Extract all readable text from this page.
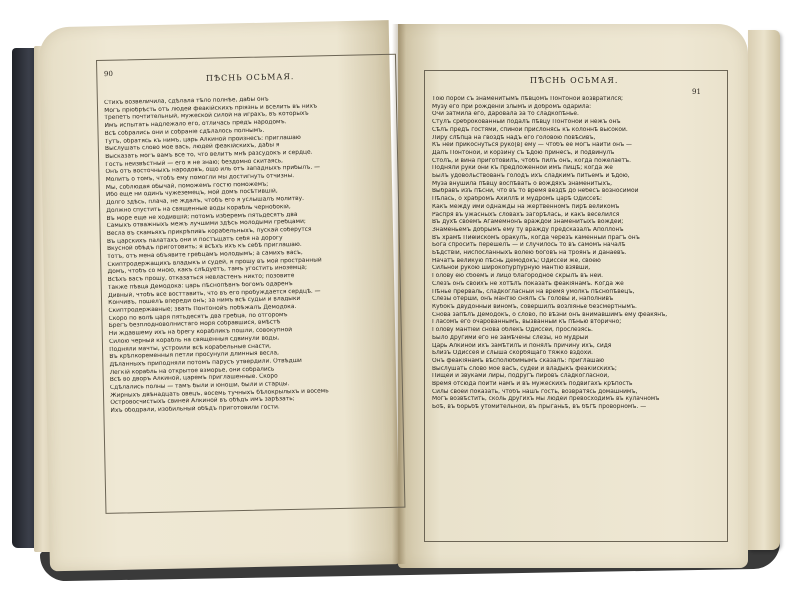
90	ПѢСНЬ ОСЬМАЯ.	ПѢСНЬ ОСЬМАЯ.
91
Стихъ возвеличила, сдѣлала тѣло полнѣе, дабы онъ
Могъ пріобрѣсть отъ людей феакійскихъ пріязнь и вселить въ нихъ
Трепетъ почтительный, мужеской силой на играхъ, въ которыхъ
Имъ испытать надлежало его, отличась предъ народомъ.
Всѣ собрались они и собраніе сдѣлалось полнымъ.
Тутъ, обратясь къ нимъ, царь Алкиной произнесъ: приглашаю
Выслушать слово мое вась, людей феакійскихъ, дабы я
Высказать могъ вамъ все то, что велитъ мнѣ разсудокъ и сердце.
Гость неизвѣстный — его я не знаю; бездомно скитаясь,
Онъ отъ восточныхъ народовъ, ощо иль отъ западныхъ прибылъ. —
Молитъ о томъ, чтобъ ему помогли мы достигнуть отчизны.
Мы, соблюдая обычай, поможемъ гостю поможемъ;
Ибо еще ни одинъ чужеземецъ, мой домъ посѣтившій,
Долго здѣсь, плача, не ждалъ, чтобъ его я услышалъ молитву.
Должно спустить на священные воды корабль чернобокій,
Въ море еще не ходившій; потомъ изберемъ пятьдесятъ два
Самыхъ отважныхъ межъ лучшими здѣсь молодыми гребцами;
Весла въ скамьяхъ прикрѣпивъ корабельныхъ, пускай соберутся
Въ царскихъ палатахъ они и постъщатъ себя на дорогу
Вкусной обѣдъ приготовить; я всѣхъ ихъ къ себѣ приглашаю.
Тотъ, отъ мена объявите гребцамъ молодымъ; а самихъ васъ,
Скиптродержащихъ владыкъ и судей, я прошу въ мой пространный
Домъ, чтобъ со мною, какъ слѣдуетъ, тамъ угостить иноземца;
Всѣхъ васъ прошу, отказаться невластенъ никто; позовите
Также пѣвца Демодока: царь пѣснопѣвнъ богомъ одаренъ
Дивный, чтобъ все восттавить, что въ его пробуждается сердцѣ. —
Кончивъ, пошелъ впереди онъ; за нимъ всѣ судьи и владыки
Скиптродержавные; звать Понтонойъ побѣжалъ Демодока.
Скоро по волѣ царя пятьдесятъ два гребца, по отгоромъ
Брегъ безплодноволнистаго моря собравшися, вмѣстѣ
Ни ждавшему ихъ на брегу корабликъ пошли, совокупной
Силою черный корабль на священныя сдвинули воды,
Подняли мачты, устроили всѣ корабельные снасти,
Въ крѣпкоременныя петли просунули длинныя весла,
Дѣланныхъ приподняли потомъ парусъ утвердили. Отвѣдши
Легкій корабль на открытое взморье, они собрались
Всѣ во дворъ Алкиной, царемъ приглашенные. Скоро
Сдѣлались полны — тамъ были и юноши, были и старцы.
Жирныхъ двѣнадцать овецъ, восемь тучныхъ бѣлокрылыхъ и восемь
Островосчистыхъ свиней Алкиной въ обѣдъ имъ зарѣзать;
Ихъ ободрали, изобильный обѣдъ приготовили гости.
Тою порой съ знаменитымъ пѣвцомъ Понтоной возвратился;
Музу его при рожденіи злымъ и добромъ одарила:
Очи затмила его, даровала за то сладкопѣнье.
Стулъ среброкованный подалъ пѣвцу Понтоной и нежъ онъ
Сѣлъ предъ гостями, спиной прислонясь къ колоннѣ высокой.
Лиру слѣпца на гвоздѣ надъ его головою повѣсивъ,
Къ ней прикоснуться руко[в] ему — чтобъ ее могъ найти онъ —
Далъ Понтоной, и корзину съ ѣдою принесъ, и подвинулъ
Столъ, и вина приготовилъ, чтобъ пилъ онъ, когда пожелаетъ.
Подняли руки они къ предложенной имъ пищѣ; когда же
Былъ удовольствованъ голодъ ихъ сладкимъ питьемъ и ѣдою,
Муза внушила пѣвцу воспѣвать о вождяхъ знаменитыхъ,
Выбравъ изъ пѣсни, что въ то время вездѣ до небесъ возносимой
Пѣлась, о храбромъ Ахиллѣ и мудромъ царѣ Одиссеѣ:
Какъ между ими однажды на жертвенномъ пирѣ великомъ
Распря въ ужасныхъ словахъ загорѣлась, и какъ веселился
Въ духѣ своемъ Агамемнонъ враждой знаменитыхъ вождей;
Знаменьемъ добрымъ ему ту вражду предсказалъ Аполлонъ
Въ храмѣ Пиѳійскомъ оракулъ, когда черезъ каменный прагъ онъ
Бога спросить перешелъ — и случилось то въ самомъ началѣ
Бѣдствій, ниспосланныхъ волею боговъ на троянъ и данаевъ.
Начатъ великую пѣснь Демодокъ; Одиссей же, своею
Сильной рукою широкопурпурную мантію взявши,
Голову ею сбоемъ и лицо благородное скрылъ въ ней.
Слезъ онъ своихъ не хотѣлъ показать феакіянамъ. Когда же
Пѣнье прерваль, сладкогласный на время умолкъ пѣснопѣвецъ,
Слезы отерши, онъ мантію снялъ съ головы и, наполнивъ
Кубокъ двудонный виномъ, совершилъ возліянье безсмертнымъ.
Снова запѣлъ Демодокъ, о слово, по вѣзни онъ внимавшимъ ему феакянъ,
Гласомъ его очарованнымъ, вызванный къ пѣнью вторично;
Голову мантіей снова облекъ Одиссей, прослезясь.
Было другими его не замѣчены слезы, но мудрый
Царь Алкиной ихъ замѣтилъ и понялъ причину ихъ, сидя
Близъ Одиссея и слыша скорбящаго тяжко вздохи.
Онъ феакіянамъ вѣсполюбимымъ сказалъ: приглашаю
Выслушать слово мое васъ, судей и владыкъ феакійскихъ;
Пищей и звуками лиры, подругъ пировъ сладкогласной,
Время отсюда пойти намъ и въ мужескихъ подвигахъ крѣпость
Силы своей показать, чтобъ нашъ гость, возвратясь домашнимъ,
Могъ возвѣстить, сколь другихъ мы людей превосходимъ въ кулачномъ
Боѣ, въ борьбѣ утомительной, въ прыганьѣ, въ бѣгѣ проворномъ. —
